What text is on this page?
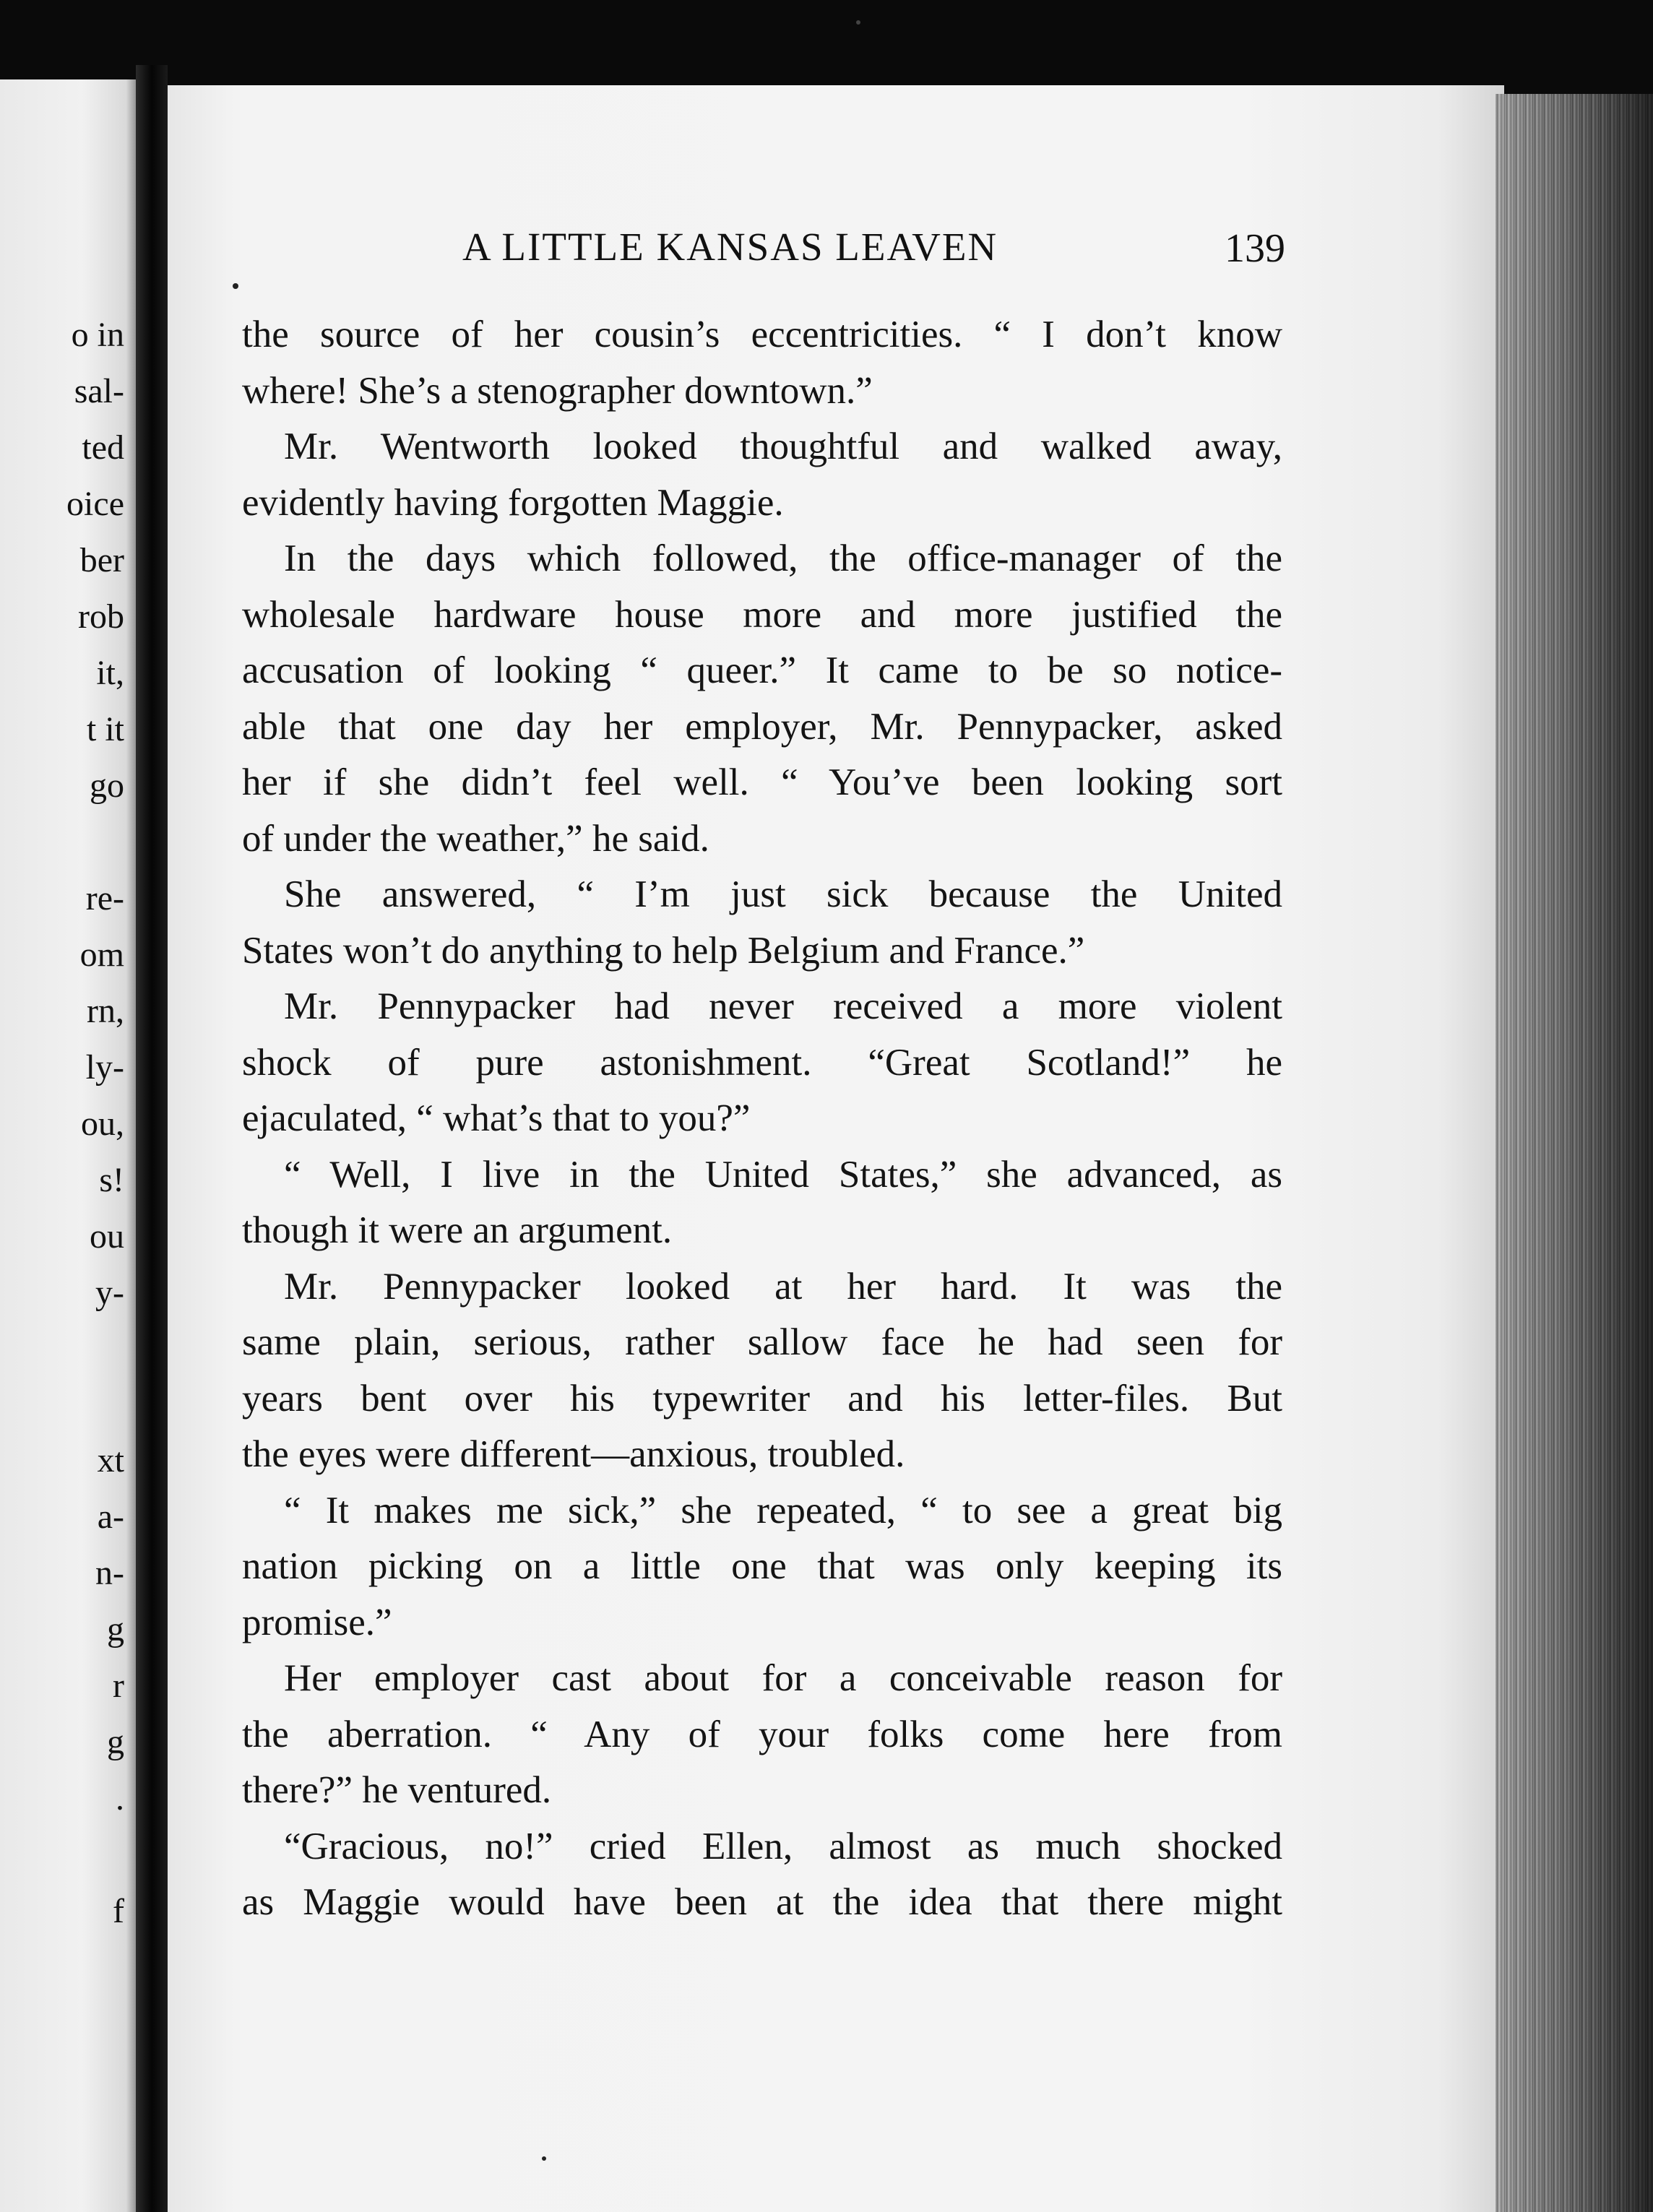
o in
sal-
ted
oice
ber
rob
it,
t it
go
re-
om
rn,
ly-
ou,
s!
ou
y-
xt
a-
n-
g
r
g
.
f
A LITTLE KANSAS LEAVEN	139
the source of her cousin’s eccentricities. “ I don’t know
where! She’s a stenographer downtown.”
Mr. Wentworth looked thoughtful and walked away,
evidently having forgotten Maggie.
In the days which followed, the office-manager of the
wholesale hardware house more and more justified the
accusation of looking “ queer.” It came to be so notice-
able that one day her employer, Mr. Pennypacker, asked
her if she didn’t feel well. “ You’ve been looking sort
of under the weather,” he said.
She answered, “ I’m just sick because the United
States won’t do anything to help Belgium and France.”
Mr. Pennypacker had never received a more violent
shock of pure astonishment. “Great Scotland!” he
ejaculated, “ what’s that to you?”
“ Well, I live in the United States,” she advanced, as
though it were an argument.
Mr. Pennypacker looked at her hard. It was the
same plain, serious, rather sallow face he had seen for
years bent over his typewriter and his letter-files. But
the eyes were different—anxious, troubled.
“ It makes me sick,” she repeated, “ to see a great big
nation picking on a little one that was only keeping its
promise.”
Her employer cast about for a conceivable reason for
the aberration. “ Any of your folks come here from
there?” he ventured.
“Gracious, no!” cried Ellen, almost as much shocked
as Maggie would have been at the idea that there might
